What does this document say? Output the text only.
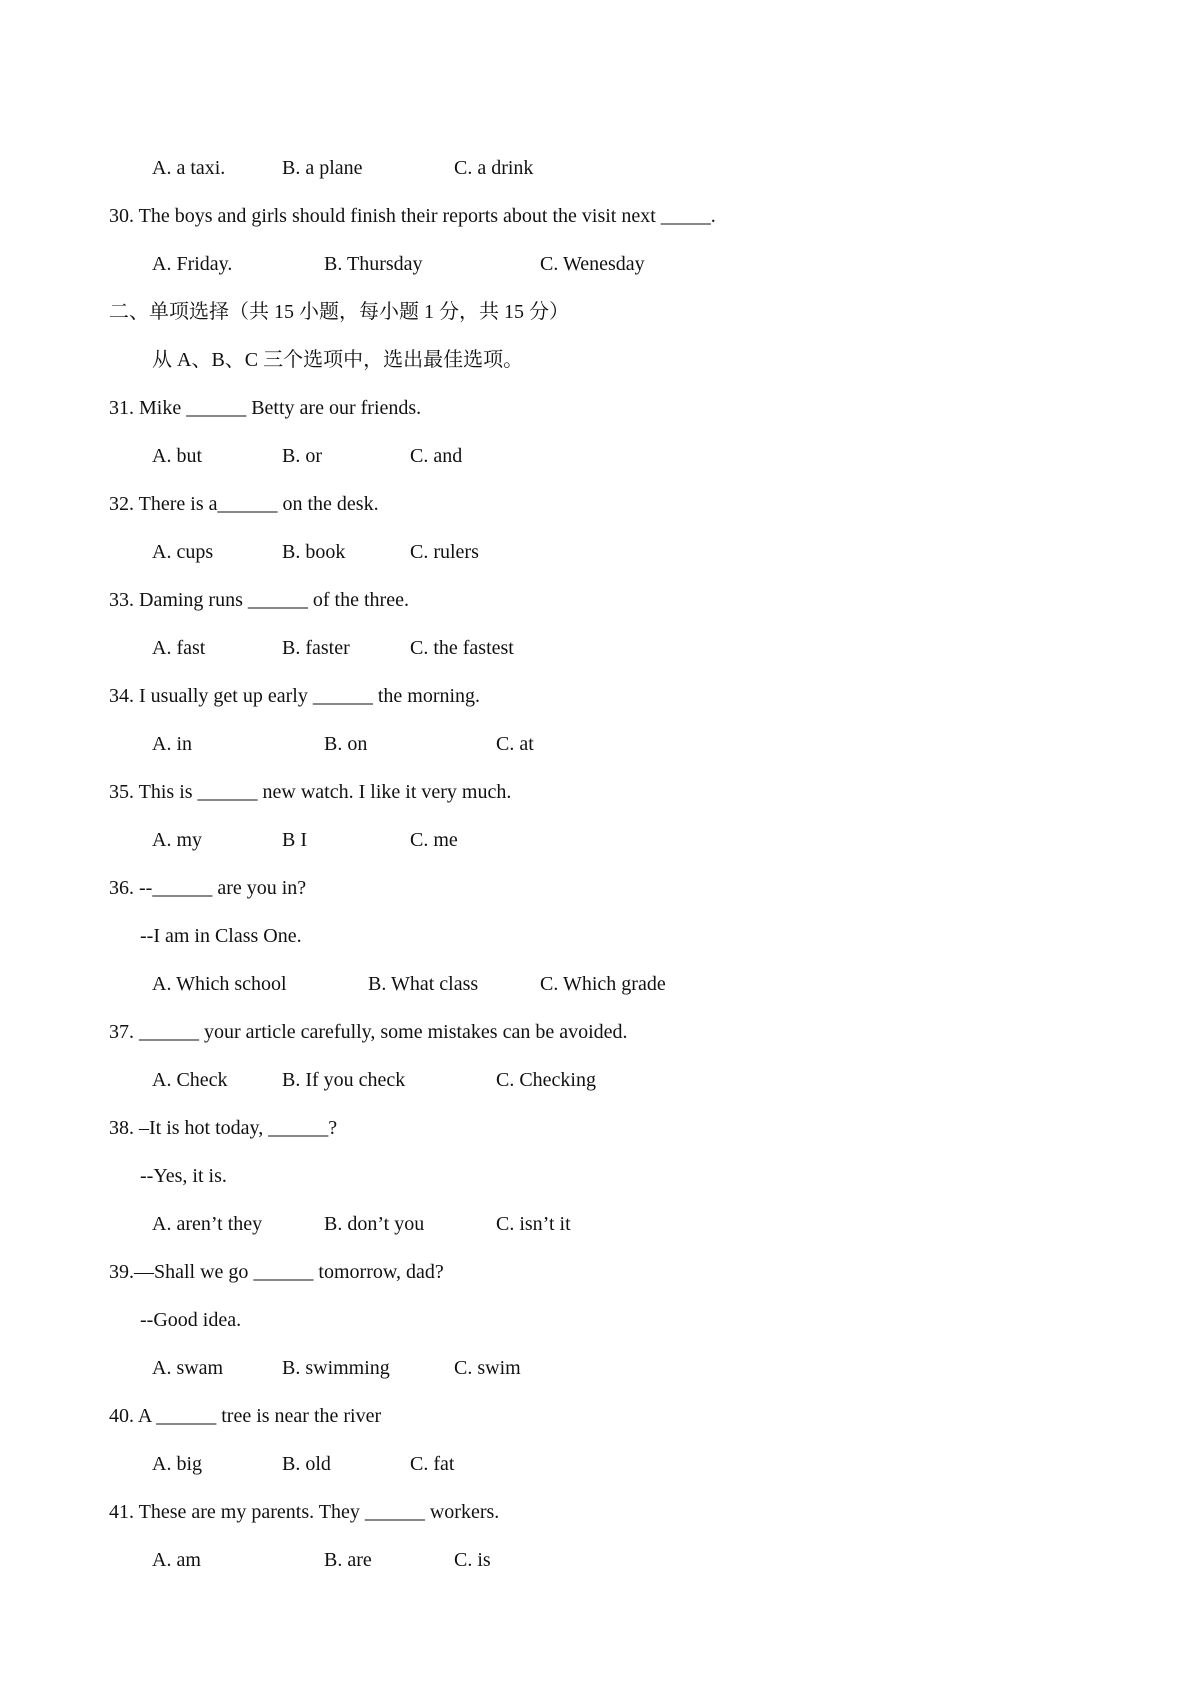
A. a taxi.

	B. a plane

	C. a drink

30. The boys and girls should finish their reports about the visit next _____.

A. Friday.

	B. Thursday

	C. Wenesday

二、单项选择（共 15 小题，每小题 1 分，共 15 分）
从 A、B、C 三个选项中，选出最佳选项。
31. Mike ______ Betty are our friends.

A. but

	B. or

	C. and

32. There is a______ on the desk.

A. cups

	B. book

	C. rulers

33. Daming runs ______ of the three.

A. fast

	B. faster

	C. the fastest

34. I usually get up early ______ the morning.

A. in

	B. on

	C. at

35. This is ______ new watch. I like it very much.

A. my

	B I

	C. me

36. --______ are you in?
--I am in Class One.

A. Which school

	B. What class

	C. Which grade

37. ______ your article carefully, some mistakes can be avoided.

A. Check

	B. If you check

	C. Checking

38. –It is hot today, ______?
--Yes, it is.

A. aren’t they

	B. don’t you

	C. isn’t it

39.—Shall we go ______ tomorrow, dad?
--Good idea.

A. swam

	B. swimming

	C. swim

40. A ______ tree is near the river

A. big

	B. old

	C. fat

41. These are my parents. They ______ workers.

A. am

	B. are

	C. is
